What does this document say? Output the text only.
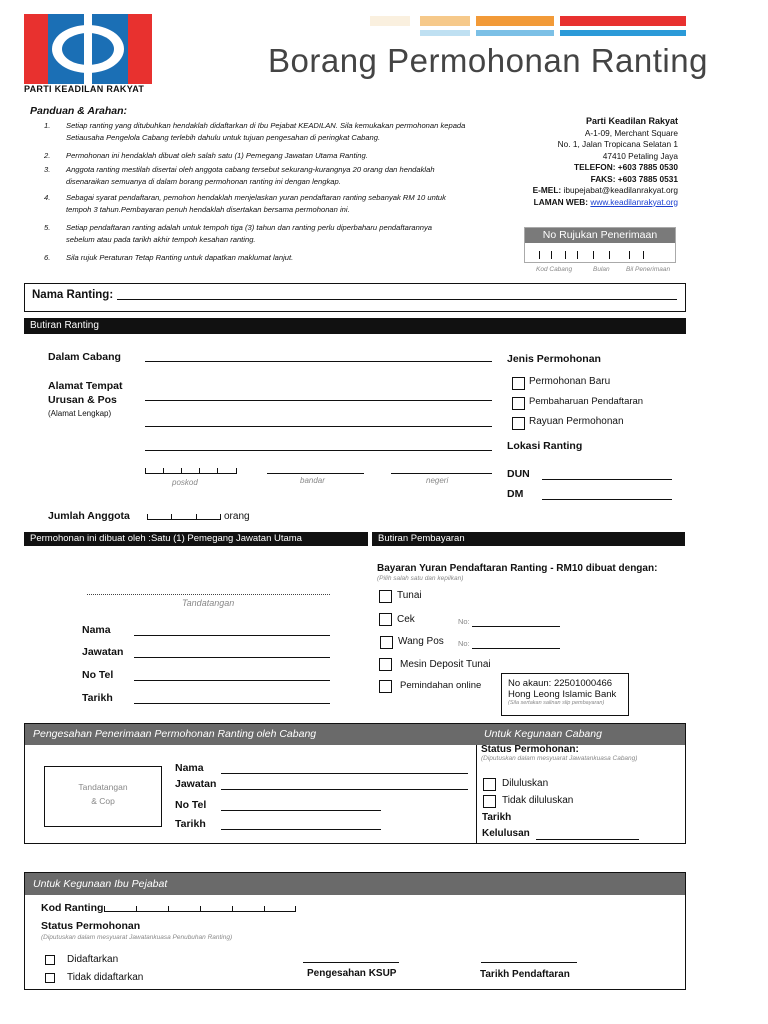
PARTI KEADILAN RAKYAT
Borang Permohonan Ranting
Panduan & Arahan:
1. Setiap ranting yang ditubuhkan hendaklah didaftarkan di Ibu Pejabat KEADILAN. Sila kemukakan permohonan kepada
Setiausaha Pengelola Cabang terlebih dahulu untuk tujuan pengesahan di peringkat Cabang.
2. Permohonan ini hendaklah dibuat oleh salah satu (1) Pemegang Jawatan Utama Ranting.
3. Anggota ranting mestilah disertai oleh anggota cabang tersebut sekurang-kurangnya 20 orang dan hendaklah
disenaraikan semuanya di dalam borang permohonan ranting ini dengan lengkap.
4. Sebagai syarat pendaftaran, pemohon hendaklah menjelaskan yuran pendaftaran ranting sebanyak RM 10 untuk
tempoh 3 tahun.Pembayaran penuh hendaklah disertakan bersama permohonan ini.
5. Setiap pendaftaran ranting adalah untuk tempoh tiga (3) tahun dan ranting perlu diperbaharu pendaftarannya
sebelum atau pada tarikh akhir tempoh kesahan ranting.
6. Sila rujuk Peraturan Tetap Ranting untuk dapatkan maklumat lanjut.
Parti Keadilan Rakyat
A-1-09, Merchant Square
No. 1, Jalan Tropicana Selatan 1
47410 Petaling Jaya
TELEFON: +603 7885 0530
FAKS: +603 7885 0531
E-MEL: ibupejabat@keadilanrakyat.org
LAMAN WEB: www.keadilanrakyat.org
No Rujukan Penerimaan
Kod Cabang	Bulan	Bil Penerimaan
Nama Ranting:
Butiran Ranting
Dalam Cabang
Alamat Tempat
Urusan & Pos
(Alamat Lengkap)
poskod	bandar	negeri
Jumlah Anggota	orang
Jenis Permohonan
Permohonan Baru
Pembaharuan Pendaftaran
Rayuan Permohonan
Lokasi Ranting
DUN
DM
Permohonan ini dibuat oleh :Satu (1) Pemegang Jawatan Utama	Butiran Pembayaran
Tandatangan
Nama
Jawatan
No Tel
Tarikh
Bayaran Yuran Pendaftaran Ranting - RM10 dibuat dengan:
(Pilih salah satu dan kepilkan)
Tunai
Cek	No:
Wang Pos No:
Mesin Deposit Tunai
Pemindahan online	No akaun: 22501000466
Hong Leong Islamic Bank
(Sila sertakan salinan slip pembayaran)
Pengesahan Penerimaan Permohonan Ranting oleh Cabang	Untuk Kegunaan Cabang
Tandatangan
& Cop
Nama
Jawatan
No Tel
Tarikh
Status Permohonan:
(Diputuskan dalam mesyuarat Jawatankuasa Cabang)
Diluluskan
Tidak diluluskan
Tarikh
Kelulusan
Untuk Kegunaan Ibu Pejabat
Kod Ranting
Status Permohonan
(Diputuskan dalam mesyuarat Jawatankuasa Penubuhan Ranting)
Didaftarkan
Tidak didaftarkan	Pengesahan KSUP	Tarikh Pendaftaran
